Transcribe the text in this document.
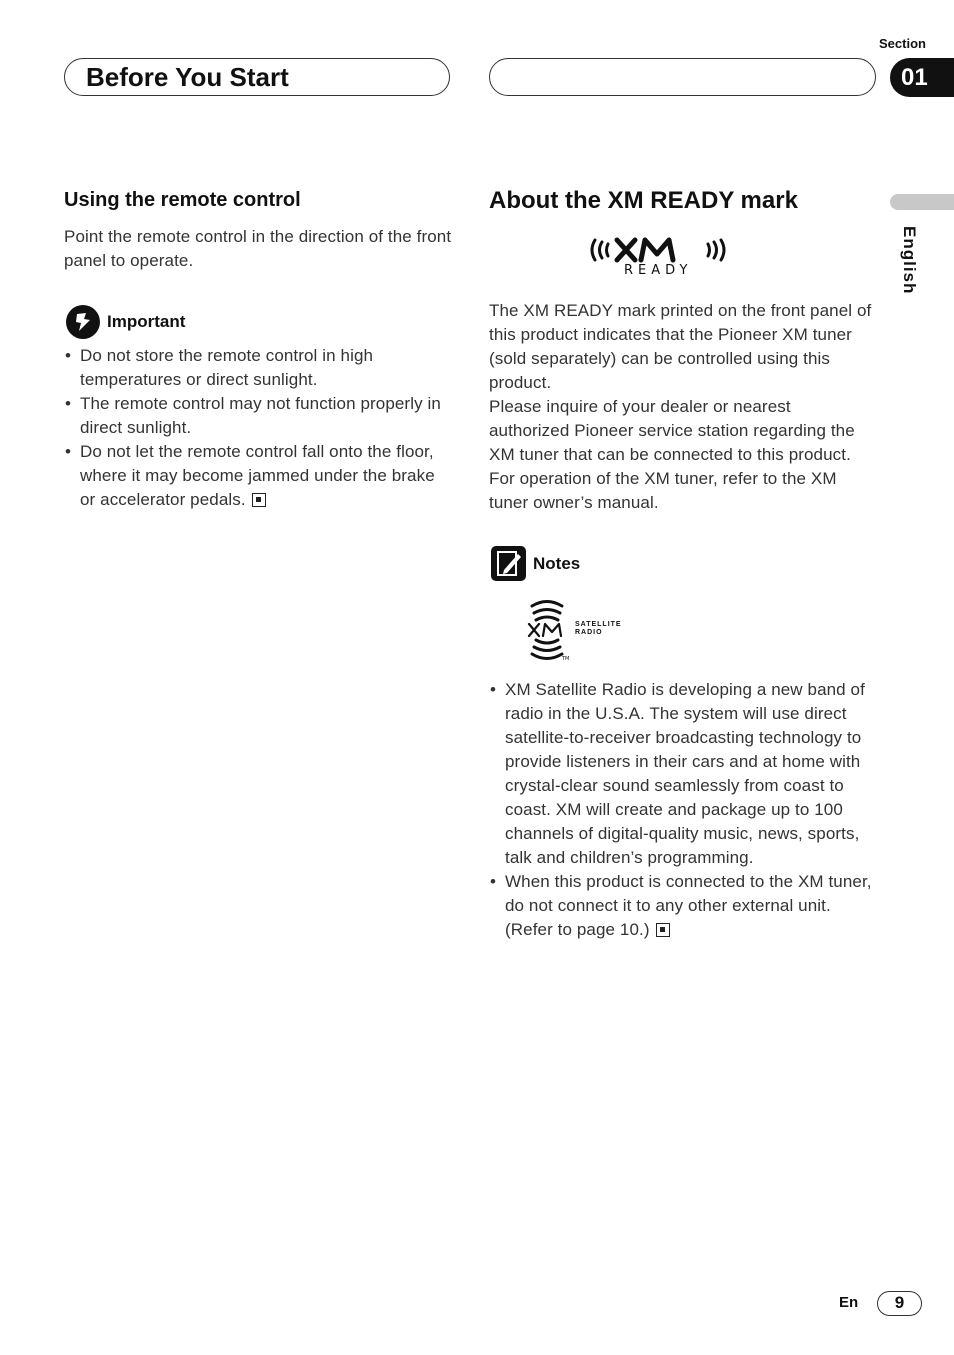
Section
Before You Start	01
English
Using the remote control
Point the remote control in the direction of the front panel to operate.
Important
• Do not store the remote control in high temperatures or direct sunlight.
• The remote control may not function properly in direct sunlight.
• Do not let the remote control fall onto the floor, where it may become jammed under the brake or accelerator pedals.
About the XM READY mark
READY
The XM READY mark printed on the front panel of this product indicates that the Pioneer XM tuner (sold separately) can be controlled using this product.
Please inquire of your dealer or nearest authorized Pioneer service station regarding the XM tuner that can be connected to this product.
For operation of the XM tuner, refer to the XM tuner owner’s manual.
Notes
TM
SATELLITE
RADIO
• XM Satellite Radio is developing a new band of radio in the U.S.A. The system will use direct satellite-to-receiver broadcasting technology to provide listeners in their cars and at home with crystal-clear sound seamlessly from coast to coast. XM will create and package up to 100 channels of digital-quality music, news, sports, talk and children’s programming.
• When this product is connected to the XM tuner, do not connect it to any other external unit. (Refer to page 10.)
En	9
